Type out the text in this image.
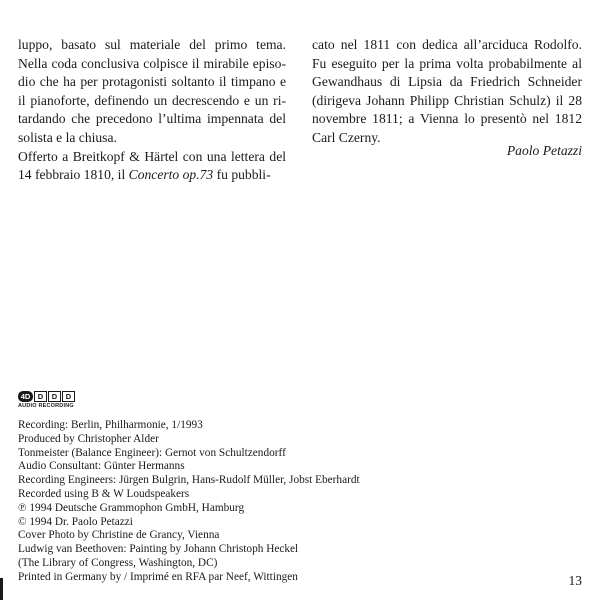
luppo, basato sul materiale del primo tema.
Nella coda conclusiva colpisce il mirabile episo-
dio che ha per protagonisti soltanto il timpano e
il pianoforte, definendo un decrescendo e un ri-
tardando che precedono l’ultima impennata del
solista e la chiusa.
Offerto a Breitkopf & Härtel con una lettera del
14 febbraio 1810, il Concerto op.73 fu pubbli-
cato nel 1811 con dedica all’arciduca Rodolfo.
Fu eseguito per la prima volta probabilmente al
Gewandhaus di Lipsia da Friedrich Schneider
(dirigeva Johann Philipp Christian Schulz) il 28
novembre 1811; a Vienna lo presentò nel 1812
Carl Czerny.
Paolo Petazzi
4D D	D	D
AUDIO RECORDING
Recording: Berlin, Philharmonie, 1/1993
Produced by Christopher Alder
Tonmeister (Balance Engineer): Gernot von Schultzendorff
Audio Consultant: Günter Hermanns
Recording Engineers: Jürgen Bulgrin, Hans-Rudolf Müller, Jobst Eberhardt
Recorded using B & W Loudspeakers
℗ 1994 Deutsche Grammophon GmbH, Hamburg
© 1994 Dr. Paolo Petazzi
Cover Photo by Christine de Grancy, Vienna
Ludwig van Beethoven: Painting by Johann Christoph Heckel
(The Library of Congress, Washington, DC)
Printed in Germany by / Imprimé en RFA par Neef, Wittingen	13
